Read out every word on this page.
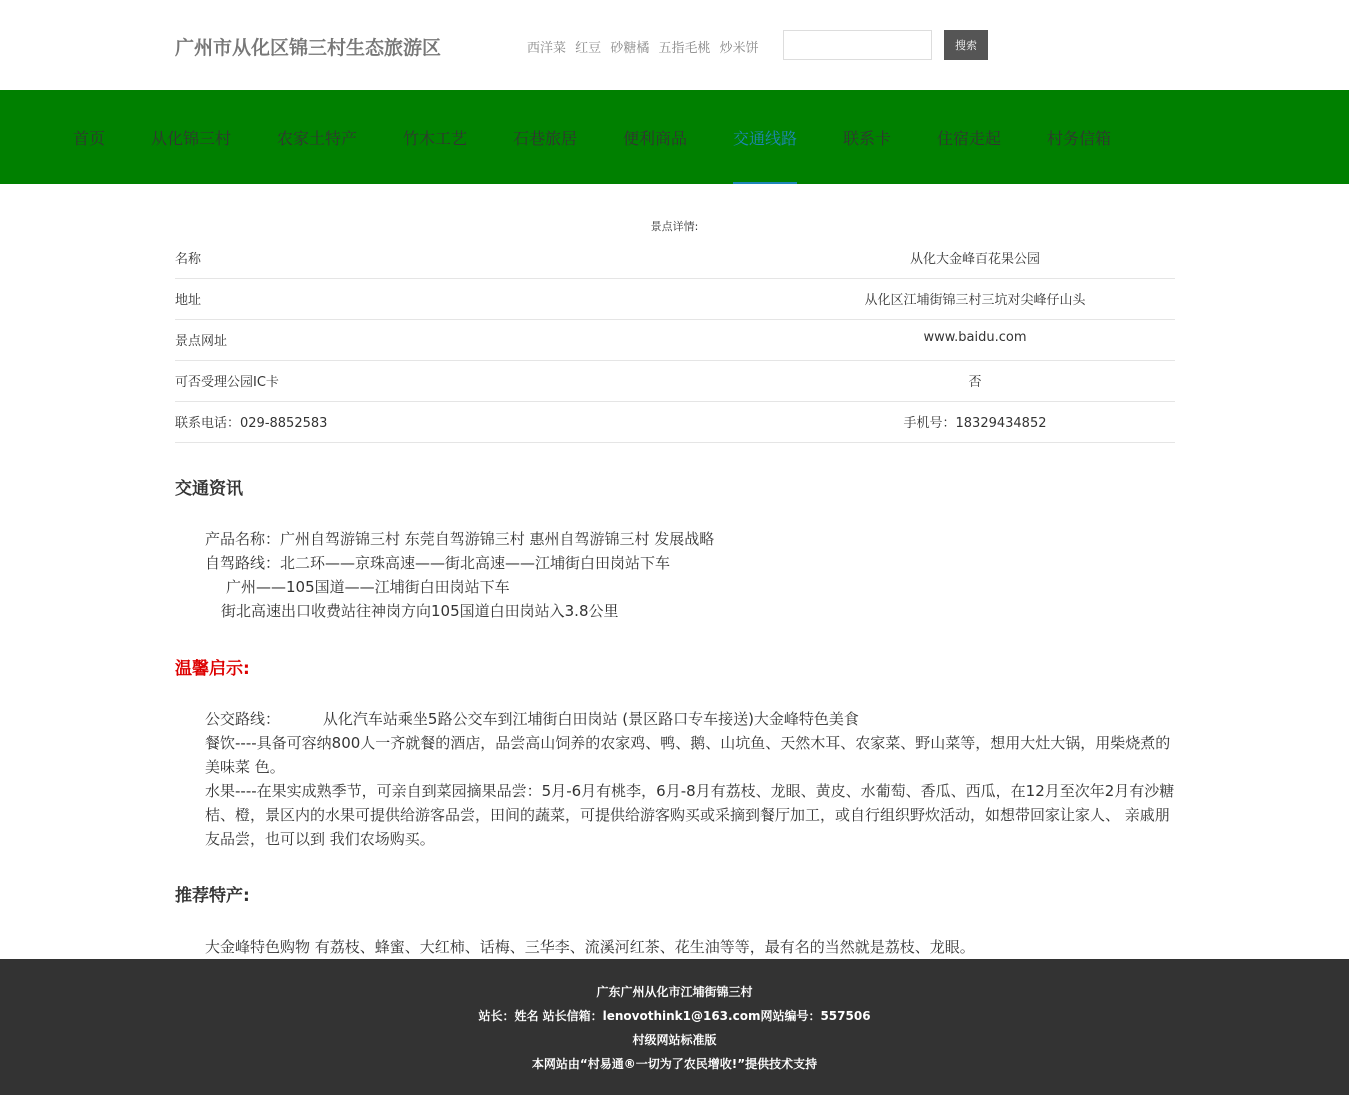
广州市从化区锦三村生态旅游区	西洋菜 红豆 砂糖橘 五指毛桃 炒米饼	搜索
首页	从化锦三村	农家土特产	竹木工艺	石巷旅居	便利商品	交通线路	联系卡	住宿走起	村务信箱
景点详情:
名称	从化大金峰百花果公园
地址	从化区江埔街锦三村三坑对尖峰仔山头
景点网址	www.baidu.com
可否受理公园IC卡	否
联系电话：029-8852583	手机号：18329434852
交通资讯
产品名称：广州自驾游锦三村 东莞自驾游锦三村 惠州自驾游锦三村 发展战略
自驾路线：北二环——京珠高速——街北高速——江埔街白田岗站下车
广州——105国道——江埔街白田岗站下车
街北高速出口收费站往神岗方向105国道白田岗站入3.8公里
温馨启示:
公交路线：         从化汽车站乘坐5路公交车到江埔街白田岗站 (景区路口专车接送)大金峰特色美食
餐饮----具备可容纳800人一齐就餐的酒店，品尝高山饲养的农家鸡、鸭、鹅、山坑鱼、天然木耳、农家菜、野山菜等，想用大灶大锅，用柴烧煮的美味菜 色。
水果----在果实成熟季节，可亲自到菜园摘果品尝：5月-6月有桃李，6月-8月有荔枝、龙眼、黄皮、水葡萄、香瓜、西瓜，在12月至次年2月有沙糖 桔、橙，景区内的水果可提供给游客品尝，田间的蔬菜，可提供给游客购买或采摘到餐厅加工，或自行组织野炊活动，如想带回家让家人、 亲戚朋友品尝，也可以到 我们农场购买。
推荐特产:
大金峰特色购物 有荔枝、蜂蜜、大红柿、话梅、三华李、流溪河红茶、花生油等等，最有名的当然就是荔枝、龙眼。
广东广州从化市江埔街锦三村
站长：姓名 站长信箱：lenovothink1@163.com网站编号：557506
村级网站标准版
本网站由“村易通®一切为了农民增收!”提供技术支持
